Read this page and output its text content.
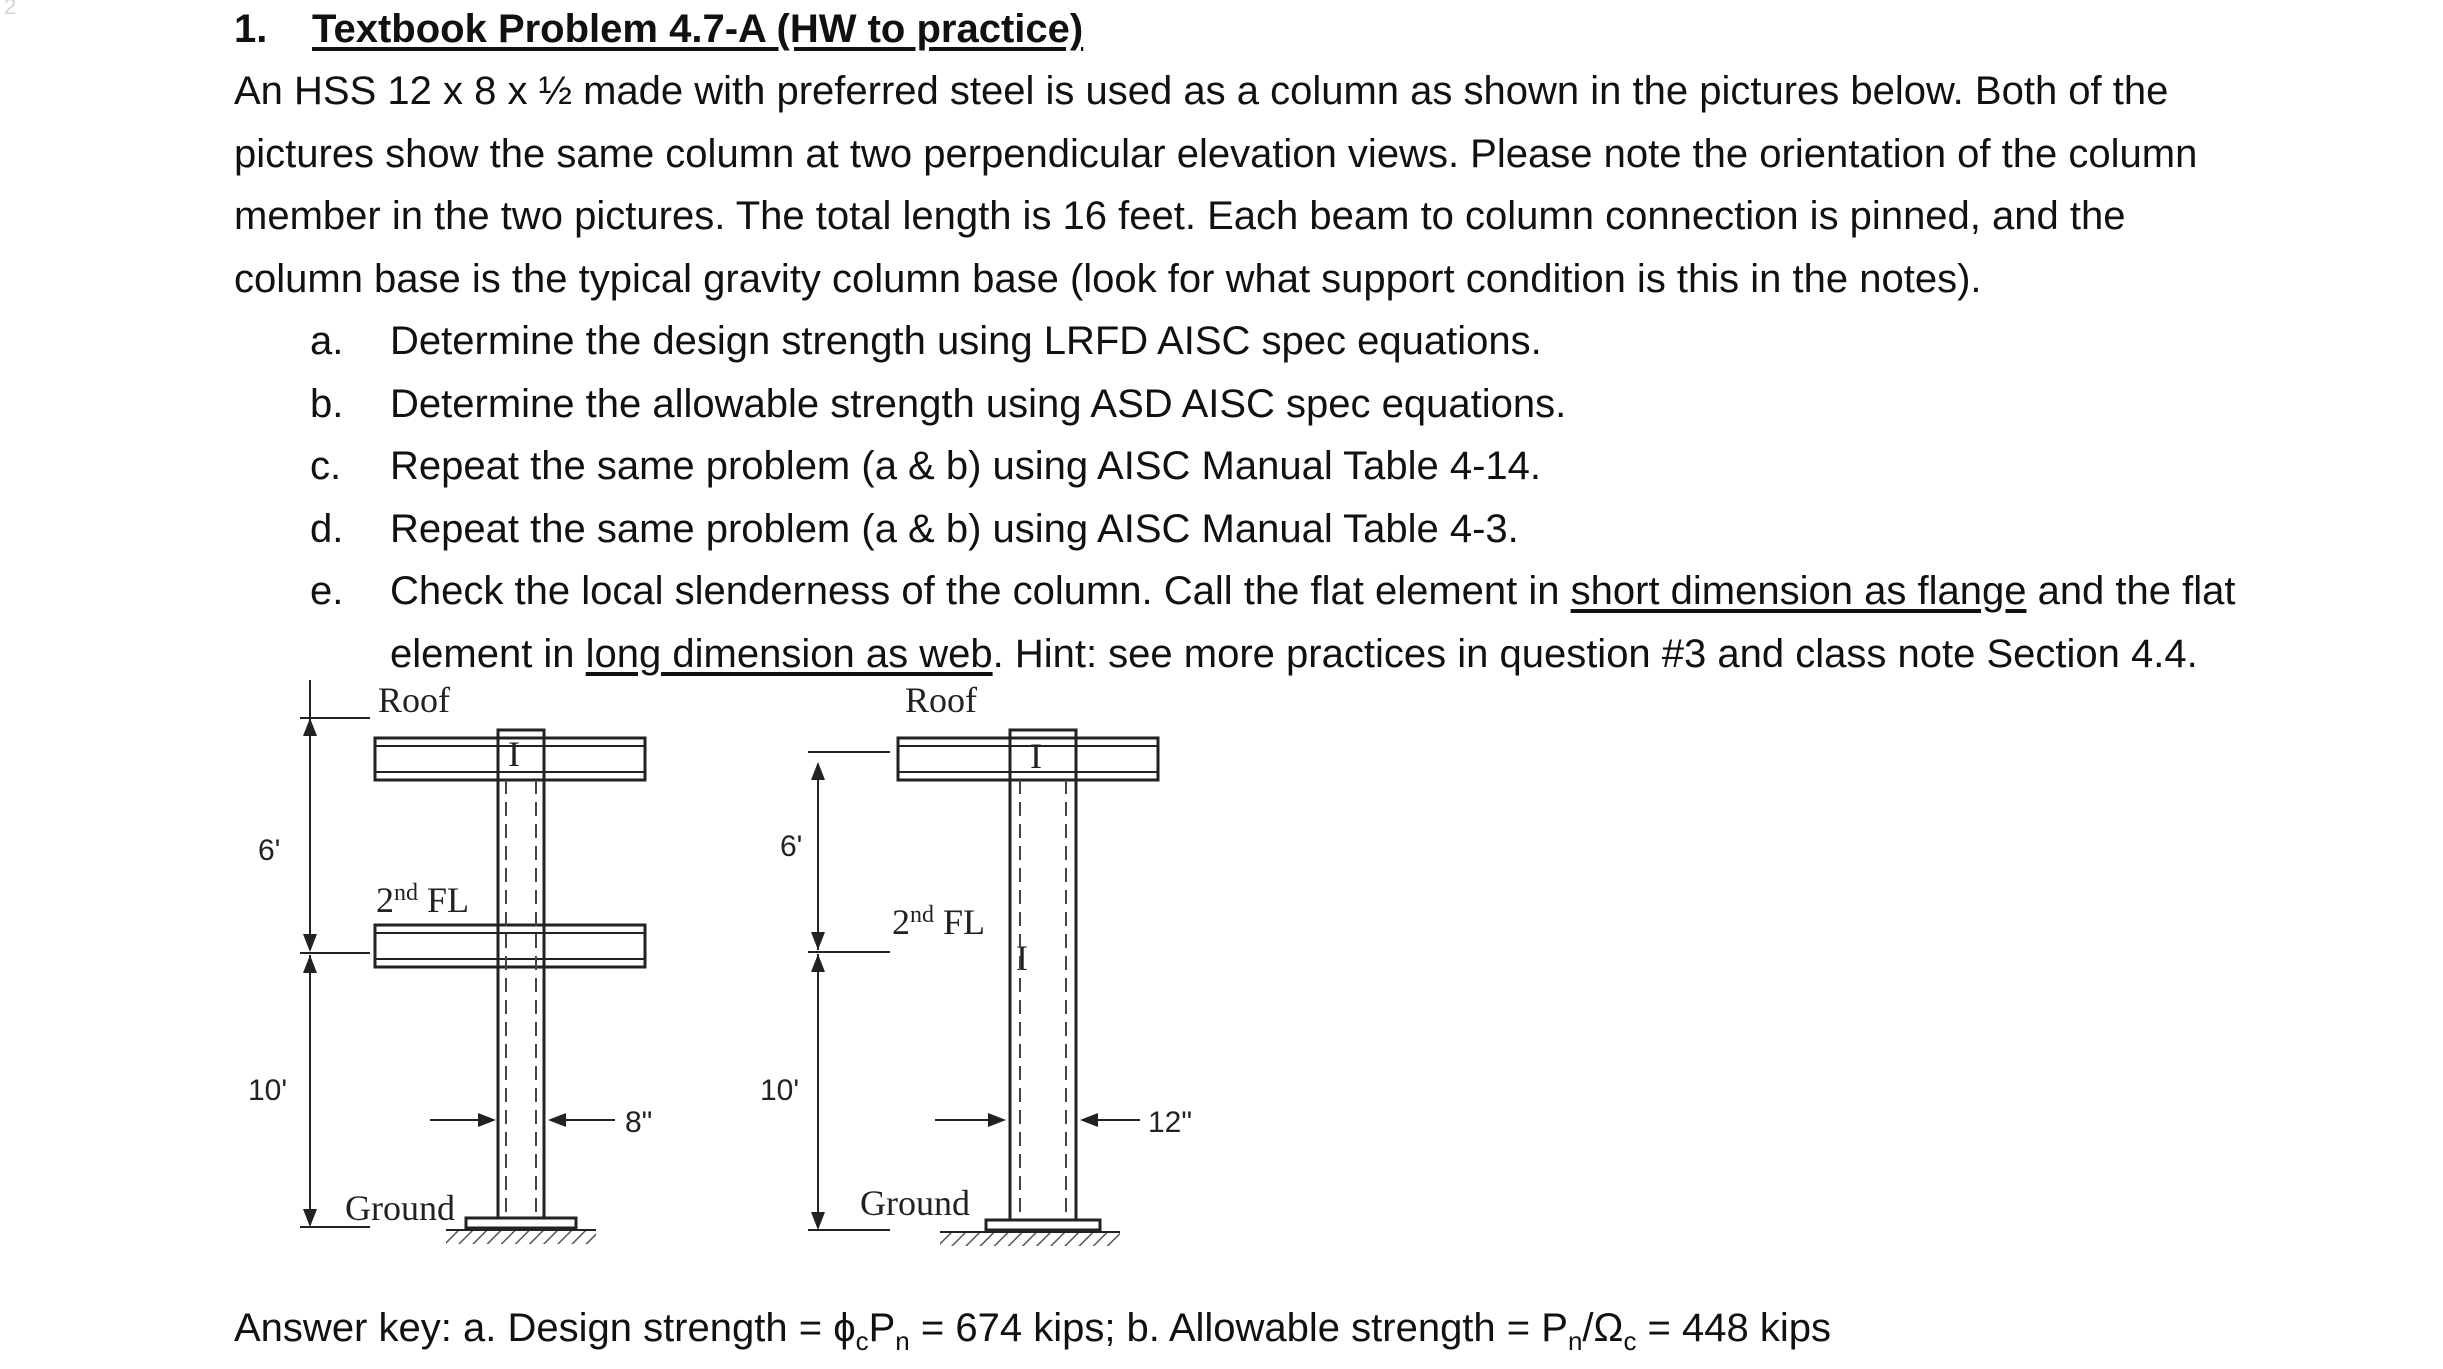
2
1. Textbook Problem 4.7-A (HW to practice)
An HSS 12 x 8 x ½ made with preferred steel is used as a column as shown in the pictures below. Both of the
pictures show the same column at two perpendicular elevation views. Please note the orientation of the column
member in the two pictures. The total length is 16 feet. Each beam to column connection is pinned, and the
column base is the typical gravity column base (look for what support condition is this in the notes).
a. Determine the design strength using LRFD AISC spec equations.
b. Determine the allowable strength using ASD AISC spec equations.
c. Repeat the same problem (a & b) using AISC Manual Table 4-14.
d. Repeat the same problem (a & b) using AISC Manual Table 4-3.
e. Check the local slenderness of the column. Call the flat element in short dimension as flange and the flat
element in long dimension as web. Hint: see more practices in question #3 and class note Section 4.4.
6'
10'
Roof
2nd FL
I
Ground
8"
6'
10'
Roof
I
2nd FL
I
Ground
12"
Answer key: a. Design strength = $\phi_cP_n = 674$ kips; b. Allowable strength = $P_n/\Omega_c = 448$ kips
